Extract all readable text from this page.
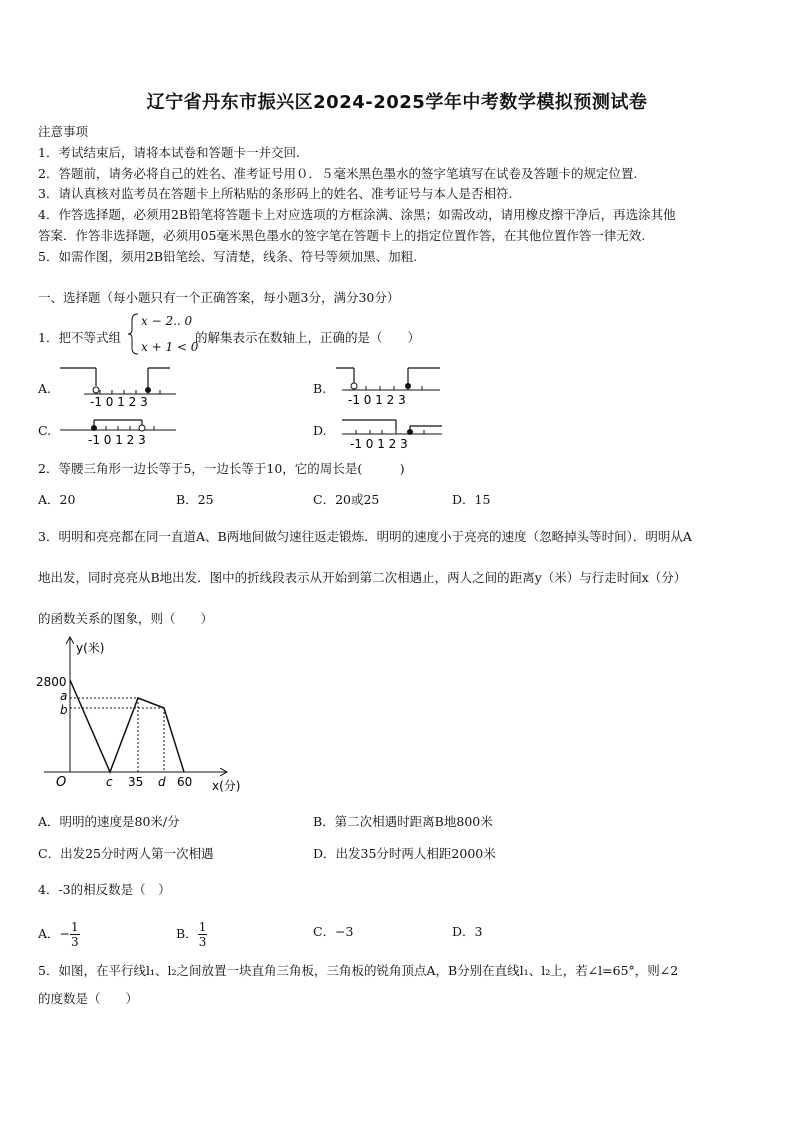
辽宁省丹东市振兴区2024-2025学年中考数学模拟预测试卷
注意事项
1．考试结束后，请将本试卷和答题卡一并交回.
2．答题前，请务必将自己的姓名、准考证号用０．５毫米黑色墨水的签字笔填写在试卷及答题卡的规定位置.
3．请认真核对监考员在答题卡上所粘贴的条形码上的姓名、准考证号与本人是否相符.
4．作答选择题，必须用2B铅笔将答题卡上对应选项的方框涂满、涂黑；如需改动，请用橡皮擦干净后，再选涂其他
答案．作答非选择题，必须用05毫米黑色墨水的签字笔在答题卡上的指定位置作答，在其他位置作答一律无效.
5．如需作图，须用2B铅笔绘、写清楚，线条、符号等须加黑、加粗.
一、选择题（每小题只有一个正确答案，每小题3分，满分30分）
1．把不等式组
x − 2.. 0
x + 1 < 0
的解集表示在数轴上，正确的是（　　）
A.
-1 0 1 2 3
B.
-1 0 1 2 3
C.
-1 0 1 2 3
D.
-1 0 1 2 3
2．等腰三角形一边长等于5，一边长等于10，它的周长是(　　　)
A．20	B．25	C．20或25	D．15
3．明明和亮亮都在同一直道A、B两地间做匀速往返走锻炼．明明的速度小于亮亮的速度（忽略掉头等时间）．明明从A
地出发，同时亮亮从B地出发．图中的折线段表示从开始到第二次相遇止，两人之间的距离y（米）与行走时间x（分）
的函数关系的图象，则（　　）
y(米)
x(分)
2800
a
b
O	c 35 d 60
A．明明的速度是80米/分	B．第二次相遇时距离B地800米
C．出发25分时两人第一次相遇	D．出发35分时两人相距2000米
4．-3的相反数是（　）
A．− $\frac{1}{3}$	B． $\frac{1}{3}$	C．−3	D．3
5．如图，在平行线l₁、l₂之间放置一块直角三角板，三角板的锐角顶点A，B分别在直线l₁、l₂上，若∠l=65°，则∠2
的度数是（　　）
